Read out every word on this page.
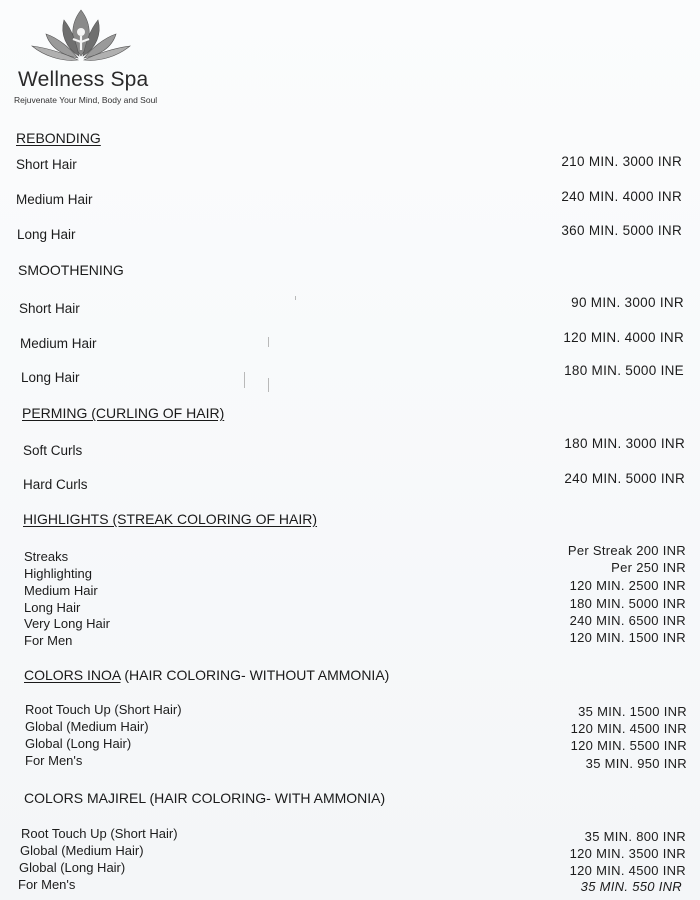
Wellness Spa
Rejuvenate Your Mind, Body and Soul
REBONDING
Short Hair	210 MIN. 3000 INR
Medium Hair	240 MIN. 4000 INR
Long Hair	360 MIN. 5000 INR
SMOOTHENING
Short Hair	90 MIN. 3000 INR
Medium Hair	120 MIN. 4000 INR
Long Hair	180 MIN. 5000 INE
PERMING (CURLING OF HAIR)
Soft Curls	180 MIN. 3000 INR
Hard Curls	240 MIN. 5000 INR
HIGHLIGHTS (STREAK COLORING OF HAIR)
Streaks	Per Streak 200 INR
Highlighting	Per 250 INR
Medium Hair	120 MIN. 2500 INR
Long Hair	180 MIN. 5000 INR
Very Long Hair	240 MIN. 6500 INR
For Men	120 MIN. 1500 INR
COLORS INOA (HAIR COLORING- WITHOUT AMMONIA)
Root Touch Up (Short Hair)	35 MIN. 1500 INR
Global (Medium Hair)	120 MIN. 4500 INR
Global (Long Hair)	120 MIN. 5500 INR
For Men's	35 MIN. 950 INR
COLORS MAJIREL (HAIR COLORING- WITH AMMONIA)
Root Touch Up (Short Hair)	35 MIN. 800 INR
Global (Medium Hair)	120 MIN. 3500 INR
Global (Long Hair)	120 MIN. 4500 INR
For Men's	35 MIN. 550 INR
